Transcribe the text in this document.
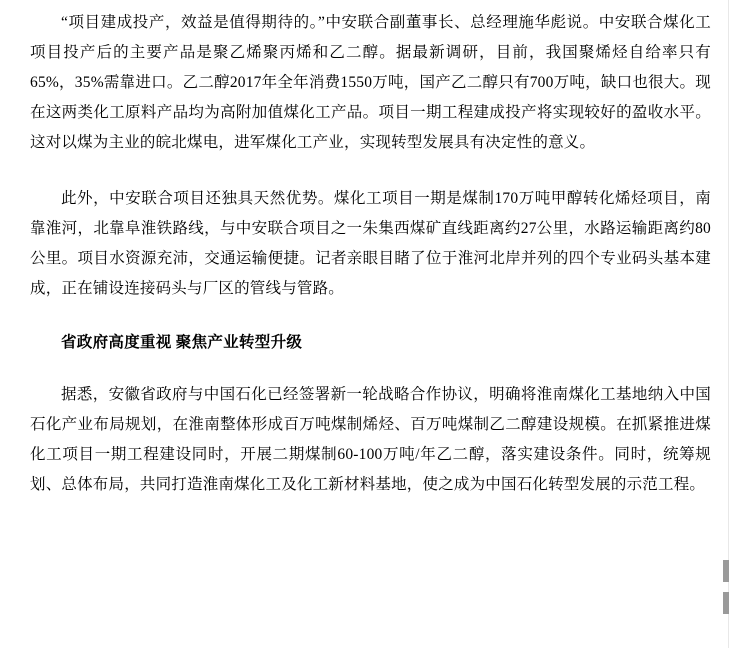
“项目建成投产，效益是值得期待的。”中安联合副董事长、总经理施华彪说。中安联合煤化工项目投产后的主要产品是聚乙烯聚丙烯和乙二醇。据最新调研，目前，我国聚烯烃自给率只有65%，35%需靠进口。乙二醇2017年全年消费1550万吨，国产乙二醇只有700万吨，缺口也很大。现在这两类化工原料产品均为高附加值煤化工产品。项目一期工程建成投产将实现较好的盈收水平。这对以煤为主业的皖北煤电，进军煤化工产业，实现转型发展具有决定性的意义。

此外，中安联合项目还独具天然优势。煤化工项目一期是煤制170万吨甲醇转化烯烃项目，南靠淮河，北靠阜淮铁路线，与中安联合项目之一朱集西煤矿直线距离约27公里，水路运输距离约80公里。项目水资源充沛，交通运输便捷。记者亲眼目睹了位于淮河北岸并列的四个专业码头基本建成，正在铺设连接码头与厂区的管线与管路。

省政府高度重视 聚焦产业转型升级

据悉，安徽省政府与中国石化已经签署新一轮战略合作协议，明确将淮南煤化工基地纳入中国石化产业布局规划，在淮南整体形成百万吨煤制烯烃、百万吨煤制乙二醇建设规模。在抓紧推进煤化工项目一期工程建设同时，开展二期煤制60-100万吨/年乙二醇，落实建设条件。同时，统筹规划、总体布局，共同打造淮南煤化工及化工新材料基地，使之成为中国石化转型发展的示范工程。
